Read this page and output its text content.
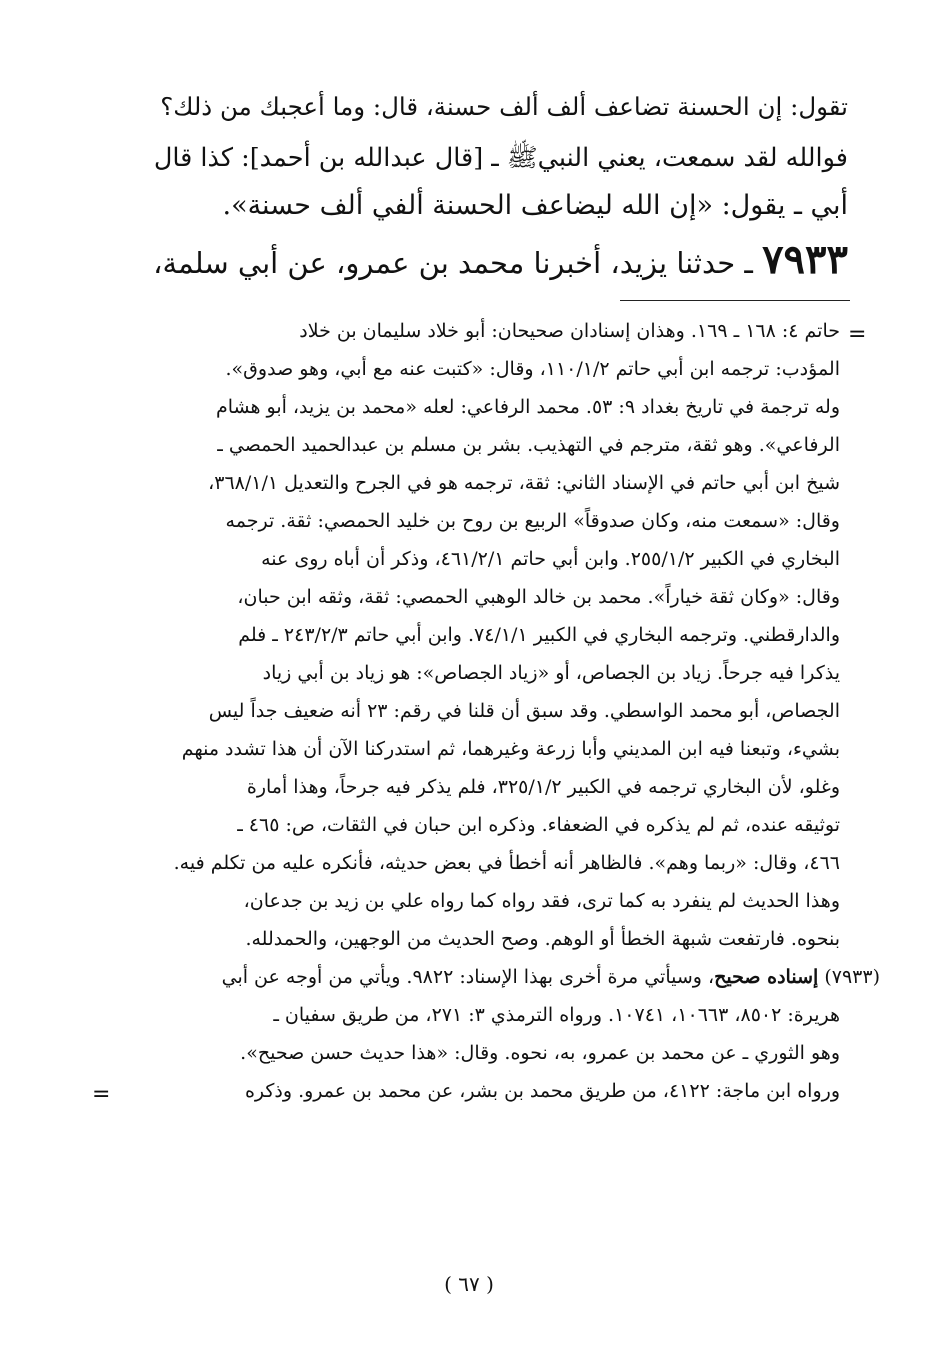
تقول: إن الحسنة تضاعف ألف ألف حسنة، قال: وما أعجبك من ذلك؟
فوالله لقد سمعت، يعني النبيﷺ ـ [قال عبدالله بن أحمد]: كذا قال
أبي ـ يقول: «إن الله ليضاعف الحسنة ألفي ألف حسنة».
٧٩٣٣ ـ حدثنا يزيد، أخبرنا محمد بن عمرو، عن أبي سلمة،
=
حاتم ٤: ١٦٨ ـ ١٦٩. وهذان إسنادان صحيحان: أبو خلاد سليمان بن خلاد
المؤدب: ترجمه ابن أبي حاتم ١١٠/١/٢، وقال: «كتبت عنه مع أبي، وهو صدوق».
وله ترجمة في تاريخ بغداد ٩: ٥٣. محمد الرفاعي: لعله «محمد بن يزيد، أبو هشام
الرفاعي». وهو ثقة، مترجم في التهذيب. بشر بن مسلم بن عبدالحميد الحمصي ـ
شيخ ابن أبي حاتم في الإسناد الثاني: ثقة، ترجمه هو في الجرح والتعديل ٣٦٨/١/١،
وقال: «سمعت منه، وكان صدوقاً» الربيع بن روح بن خليد الحمصي: ثقة. ترجمه
البخاري في الكبير ٢٥٥/١/٢. وابن أبي حاتم ٤٦١/٢/١، وذكر أن أباه روى عنه
وقال: «وكان ثقة خياراً». محمد بن خالد الوهبي الحمصي: ثقة، وثقه ابن حبان،
والدارقطني. وترجمه البخاري في الكبير ٧٤/١/١. وابن أبي حاتم ٢٤٣/٢/٣ ـ فلم
يذكرا فيه جرحاً. زياد بن الجصاص، أو «زياد الجصاص»: هو زياد بن أبي زياد
الجصاص، أبو محمد الواسطي. وقد سبق أن قلنا في رقم: ٢٣ أنه ضعيف جداً ليس
بشيء، وتبعنا فيه ابن المديني وأبا زرعة وغيرهما، ثم استدركنا الآن أن هذا تشدد منهم
وغلو، لأن البخاري ترجمه في الكبير ٣٢٥/١/٢، فلم يذكر فيه جرحاً، وهذا أمارة
توثيقه عنده، ثم لم يذكره في الضعفاء. وذكره ابن حبان في الثقات، ص: ٤٦٥ ـ
٤٦٦، وقال: «ربما وهم». فالظاهر أنه أخطأ في بعض حديثه، فأنكره عليه من تكلم فيه.
وهذا الحديث لم ينفرد به كما ترى، فقد رواه كما رواه علي بن زيد بن جدعان،
بنحوه. فارتفعت شبهة الخطأ أو الوهم. وصح الحديث من الوجهين، والحمدلله.
(٧٩٣٣) إسناده صحيح، وسيأتي مرة أخرى بهذا الإسناد: ٩٨٢٢. ويأتي من أوجه عن أبي
هريرة: ٨٥٠٢، ١٠٦٦٣، ١٠٧٤١. ورواه الترمذي ٣: ٢٧١، من طريق سفيان ـ
وهو الثوري ـ عن محمد بن عمرو، به، نحوه. وقال: «هذا حديث حسن صحيح».
ورواه ابن ماجة: ٤١٢٢، من طريق محمد بن بشر، عن محمد بن عمرو. وذكره
=
( ٦٧ )
